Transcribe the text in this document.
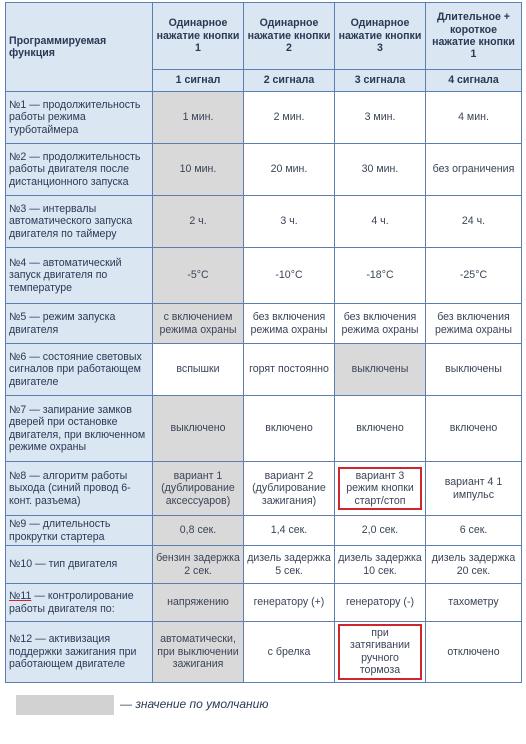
Программируемая функция	Одинарное нажатие кнопки 1	Одинарное нажатие кнопки 2	Одинарное нажатие кнопки 3	Длительное + короткое нажатие кнопки 1
	1 сигнал	2 сигнала	3 сигнала	4 сигнала
№1 — продолжительность работы режима турботаймера	1 мин.	2 мин.	3 мин.	4 мин.
№2 — продолжительность работы двигателя после дистанционного запуска	10 мин.	20 мин.	30 мин.	без ограничения
№3 — интервалы автоматического запуска двигателя по таймеру	2 ч.	3 ч.	4 ч.	24 ч.
№4 — автоматический запуск двигателя по температуре	-5°С	-10°С	-18°С	-25°С
№5 — режим запуска двигателя	с включением режима охраны	без включения режима охраны	без включения режима охраны	без включения режима охраны
№6 — состояние световых сигналов при работающем двигателе	вспышки	горят постоянно	выключены	выключены
№7 — запирание замков дверей при остановке двигателя, при включенном режиме охраны	выключено	включено	включено	включено
№8 — алгоритм работы выхода (синий провод 6-конт. разъема)	вариант 1 (дублирование аксессуаров)	вариант 2 (дублирование зажигания)	вариант 3 режим кнопки старт/стоп	вариант 4 1 импульс
№9 — длительность прокрутки стартера	0,8 сек.	1,4 сек.	2,0 сек.	6 сек.
№10 — тип двигателя	бензин задержка 2 сек.	дизель задержка 5 сек.	дизель задержка 10 сек.	дизель задержка 20 сек.
№11 — контролирование работы двигателя по:	напряжению	генератору (+)	генератору (-)	тахометру
№12 — активизация поддержки зажигания при работающем двигателе	автоматически, при выключении зажигания	с брелка	при затягивании ручного тормоза	отключено
— значение по умолчанию
